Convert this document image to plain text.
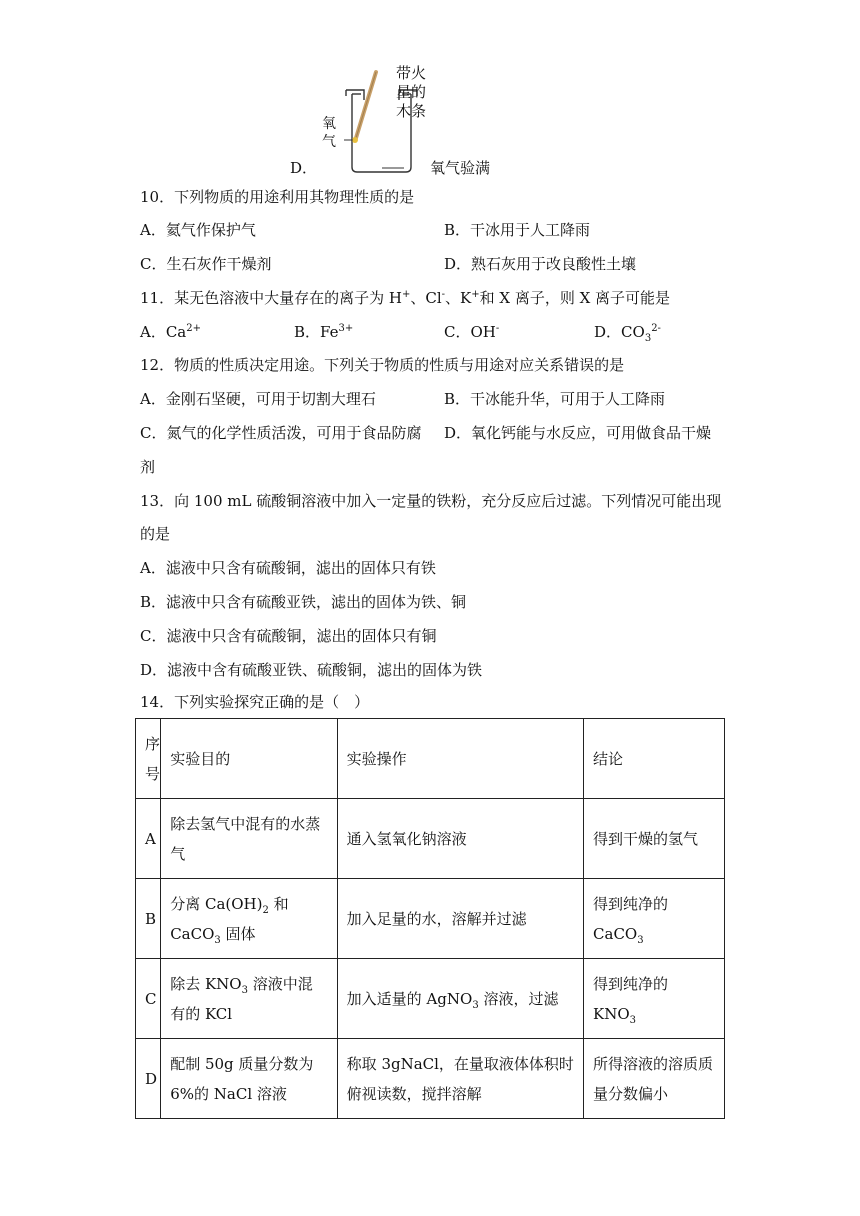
带火
星的
木条
氧
气
D．	氧气验满
10．下列物质的用途利用其物理性质的是
A．氦气作保护气	B．干冰用于人工降雨
C．生石灰作干燥剂	D．熟石灰用于改良酸性土壤
11．某无色溶液中大量存在的离子为 H+、Cl-、K+和 X 离子，则 X 离子可能是
A．$Ca^{2+}$	B．$Fe^{3+}$	C．OH-	D．$CO_3^{2-}$
12．物质的性质决定用途。下列关于物质的性质与用途对应关系错误的是
A．金刚石坚硬，可用于切割大理石	B．干冰能升华，可用于人工降雨
C．氮气的化学性质活泼，可用于食品防腐 D．氧化钙能与水反应，可用做食品干燥
剂
13．向 100 mL 硫酸铜溶液中加入一定量的铁粉，充分反应后过滤。下列情况可能出现
的是
A．滤液中只含有硫酸铜，滤出的固体只有铁
B．滤液中只含有硫酸亚铁，滤出的固体为铁、铜
C．滤液中只含有硫酸铜，滤出的固体只有铜
D．滤液中含有硫酸亚铁、硫酸铜，滤出的固体为铁
14．下列实验探究正确的是（　）
序号	实验目的	实验操作	结论
A	除去氢气中混有的水蒸气	通入氢氧化钠溶液	得到干燥的氢气
B	分离 $Ca(OH)_2$ 和 CaCO$_3$ 固体	加入足量的水，溶解并过滤	得到纯净的 CaCO$_3$
C	除去 $KNO_3$ 溶液中混有的 KCl	加入适量的 AgNO$_3$ 溶液，过滤	得到纯净的 $KNO_3$
D	配制 50g 质量分数为 6%的 NaCl 溶液	称取 3gNaCl，在量取液体体积时俯视读数，搅拌溶解	所得溶液的溶质质量分数偏小
